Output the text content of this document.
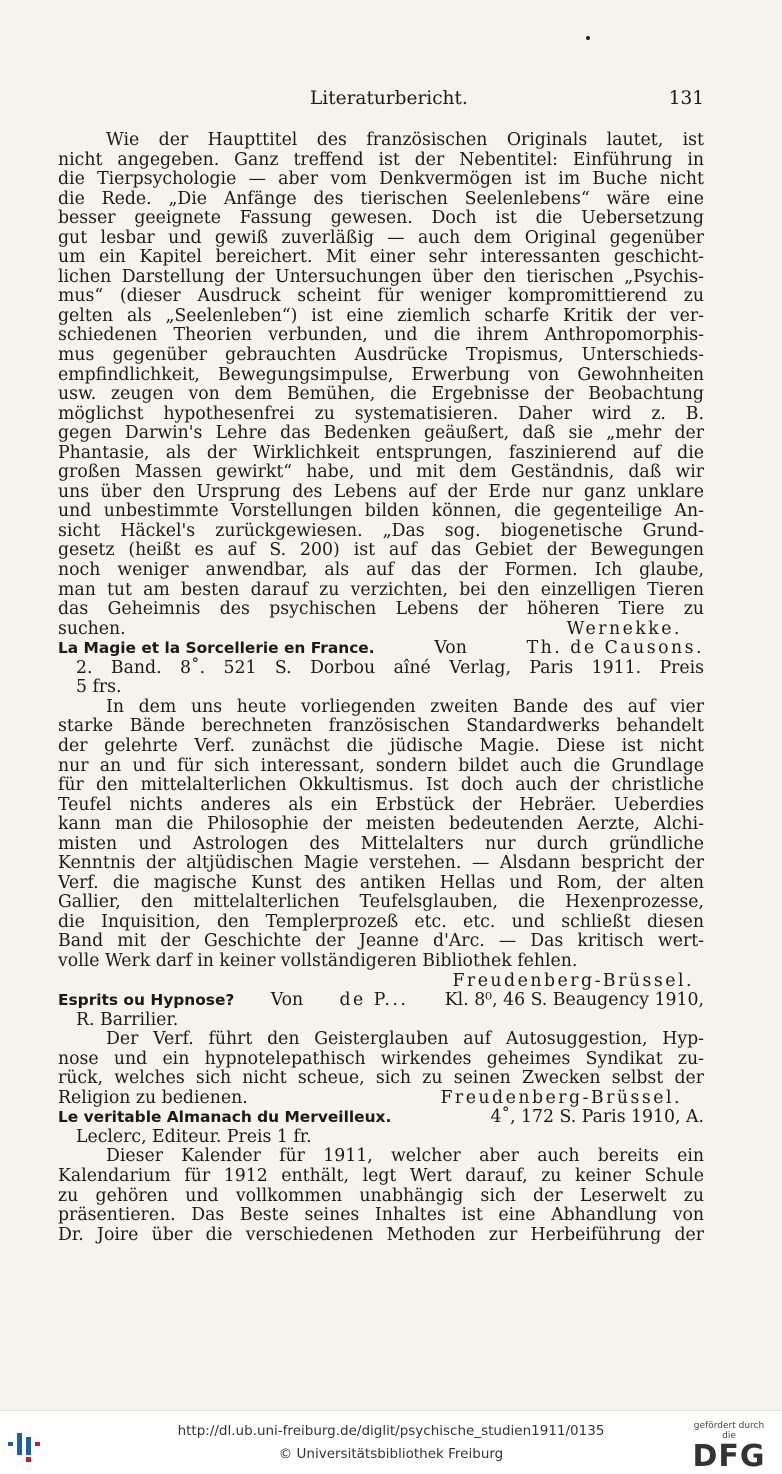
Literaturbericht.	131
Wie der Haupttitel des französischen Originals lautet, ist
nicht angegeben. Ganz treffend ist der Nebentitel: Einführung in
die Tierpsychologie — aber vom Denkvermögen ist im Buche nicht
die Rede. „Die Anfänge des tierischen Seelenlebens“ wäre eine
besser geeignete Fassung gewesen. Doch ist die Uebersetzung
gut lesbar und gewiß zuverläßig — auch dem Original gegenüber
um ein Kapitel bereichert. Mit einer sehr interessanten geschicht-
lichen Darstellung der Untersuchungen über den tierischen „Psychis-
mus“ (dieser Ausdruck scheint für weniger kompromittierend zu
gelten als „Seelenleben“) ist eine ziemlich scharfe Kritik der ver-
schiedenen Theorien verbunden, und die ihrem Anthropomorphis-
mus gegenüber gebrauchten Ausdrücke Tropismus, Unterschieds-
empfindlichkeit, Bewegungsimpulse, Erwerbung von Gewohnheiten
usw. zeugen von dem Bemühen, die Ergebnisse der Beobachtung
möglichst hypothesenfrei zu systematisieren. Daher wird z. B.
gegen Darwin's Lehre das Bedenken geäußert, daß sie „mehr der
Phantasie, als der Wirklichkeit entsprungen, faszinierend auf die
großen Massen gewirkt“ habe, und mit dem Geständnis, daß wir
uns über den Ursprung des Lebens auf der Erde nur ganz unklare
und unbestimmte Vorstellungen bilden können, die gegenteilige An-
sicht Häckel's zurückgewiesen. „Das sog. biogenetische Grund-
gesetz (heißt es auf S. 200) ist auf das Gebiet der Bewegungen
noch weniger anwendbar, als auf das der Formen. Ich glaube,
man tut am besten darauf zu verzichten, bei den einzelligen Tieren
das Geheimnis des psychischen Lebens der höheren Tiere zu
suchen.	Wernekke.
La Magie et la Sorcellerie en France.	Von	Th. de Causons.
2. Band. 8˚. 521 S. Dorbou aîné Verlag, Paris 1911. Preis
5 frs.
In dem uns heute vorliegenden zweiten Bande des auf vier
starke Bände berechneten französischen Standardwerks behandelt
der gelehrte Verf. zunächst die jüdische Magie. Diese ist nicht
nur an und für sich interessant, sondern bildet auch die Grundlage
für den mittelalterlichen Okkultismus. Ist doch auch der christliche
Teufel nichts anderes als ein Erbstück der Hebräer. Ueberdies
kann man die Philosophie der meisten bedeutenden Aerzte, Alchi-
misten und Astrologen des Mittelalters nur durch gründliche
Kenntnis der altjüdischen Magie verstehen. — Alsdann bespricht der
Verf. die magische Kunst des antiken Hellas und Rom, der alten
Gallier, den mittelalterlichen Teufelsglauben, die Hexenprozesse,
die Inquisition, den Templerprozeß etc. etc. und schließt diesen
Band mit der Geschichte der Jeanne d'Arc. — Das kritisch wert-
volle Werk darf in keiner vollständigeren Bibliothek fehlen.
Freudenberg-Brüssel.
Esprits ou Hypnose? Von de P... Kl. 8⁰, 46 S. Beaugency 1910,
R. Barrilier.
Der Verf. führt den Geisterglauben auf Autosuggestion, Hyp-
nose und ein hypnotelepathisch wirkendes geheimes Syndikat zu-
rück, welches sich nicht scheue, sich zu seinen Zwecken selbst der
Religion zu bedienen.	Freudenberg-Brüssel.
Le veritable Almanach du Merveilleux.	4˚, 172 S. Paris 1910, A.
Leclerc, Editeur. Preis 1 fr.
Dieser Kalender für 1911, welcher aber auch bereits ein
Kalendarium für 1912 enthält, legt Wert darauf, zu keiner Schule
zu gehören und vollkommen unabhängig sich der Leserwelt zu
präsentieren. Das Beste seines Inhaltes ist eine Abhandlung von
Dr. Joire über die verschiedenen Methoden zur Herbeiführung der
http://dl.ub.uni-freiburg.de/diglit/psychische_studien1911/0135
© Universitätsbibliothek Freiburg
gefördert durch die
DFG
